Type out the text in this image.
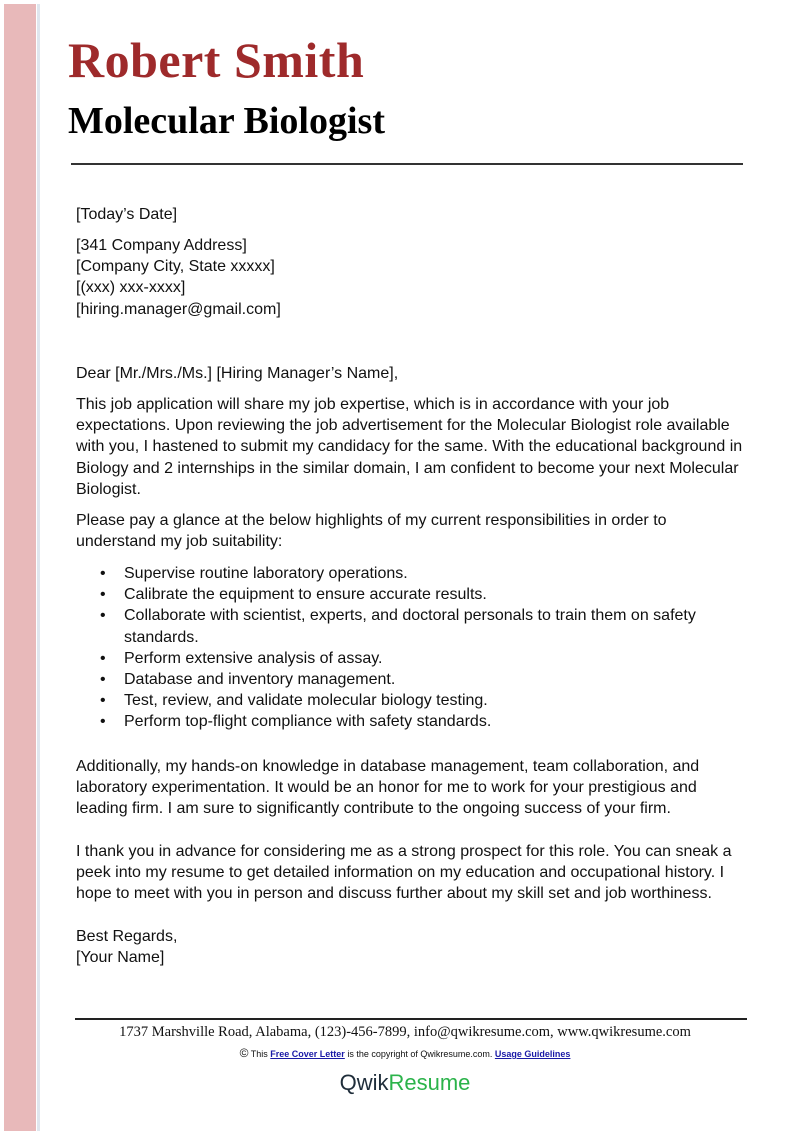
Robert Smith
Molecular Biologist
[Today’s Date]

[341 Company Address]

[Company City, State xxxxx]

[(xxx) xxx-xxxx]

[hiring.manager@gmail.com]

Dear [Mr./Mrs./Ms.] [Hiring Manager’s Name],
This job application will share my job expertise, which is in accordance with your job expectations. Upon reviewing the job advertisement for the Molecular Biologist role available with you, I hastened to submit my candidacy for the same. With the educational background in Biology and 2 internships in the similar domain, I am confident to become your next Molecular Biologist.
Please pay a glance at the below highlights of my current responsibilities in order to understand my job suitability:
• Supervise routine laboratory operations.
• Calibrate the equipment to ensure accurate results.
• Collaborate with scientist, experts, and doctoral personals to train them on safety standards.
• Perform extensive analysis of assay.
• Database and inventory management.
• Test, review, and validate molecular biology testing.
• Perform top-flight compliance with safety standards.
Additionally, my hands-on knowledge in database management, team collaboration, and laboratory experimentation. It would be an honor for me to work for your prestigious and leading firm. I am sure to significantly contribute to the ongoing success of your firm.
I thank you in advance for considering me as a strong prospect for this role. You can sneak a peek into my resume to get detailed information on my education and occupational history. I hope to meet with you in person and discuss further about my skill set and job worthiness.

Best Regards,

[Your Name]

1737 Marshville Road, Alabama, (123)-456-7899, info@qwikresume.com, www.qwikresume.com
© This Free Cover Letter is the copyright of Qwikresume.com. Usage Guidelines
QwikResume
